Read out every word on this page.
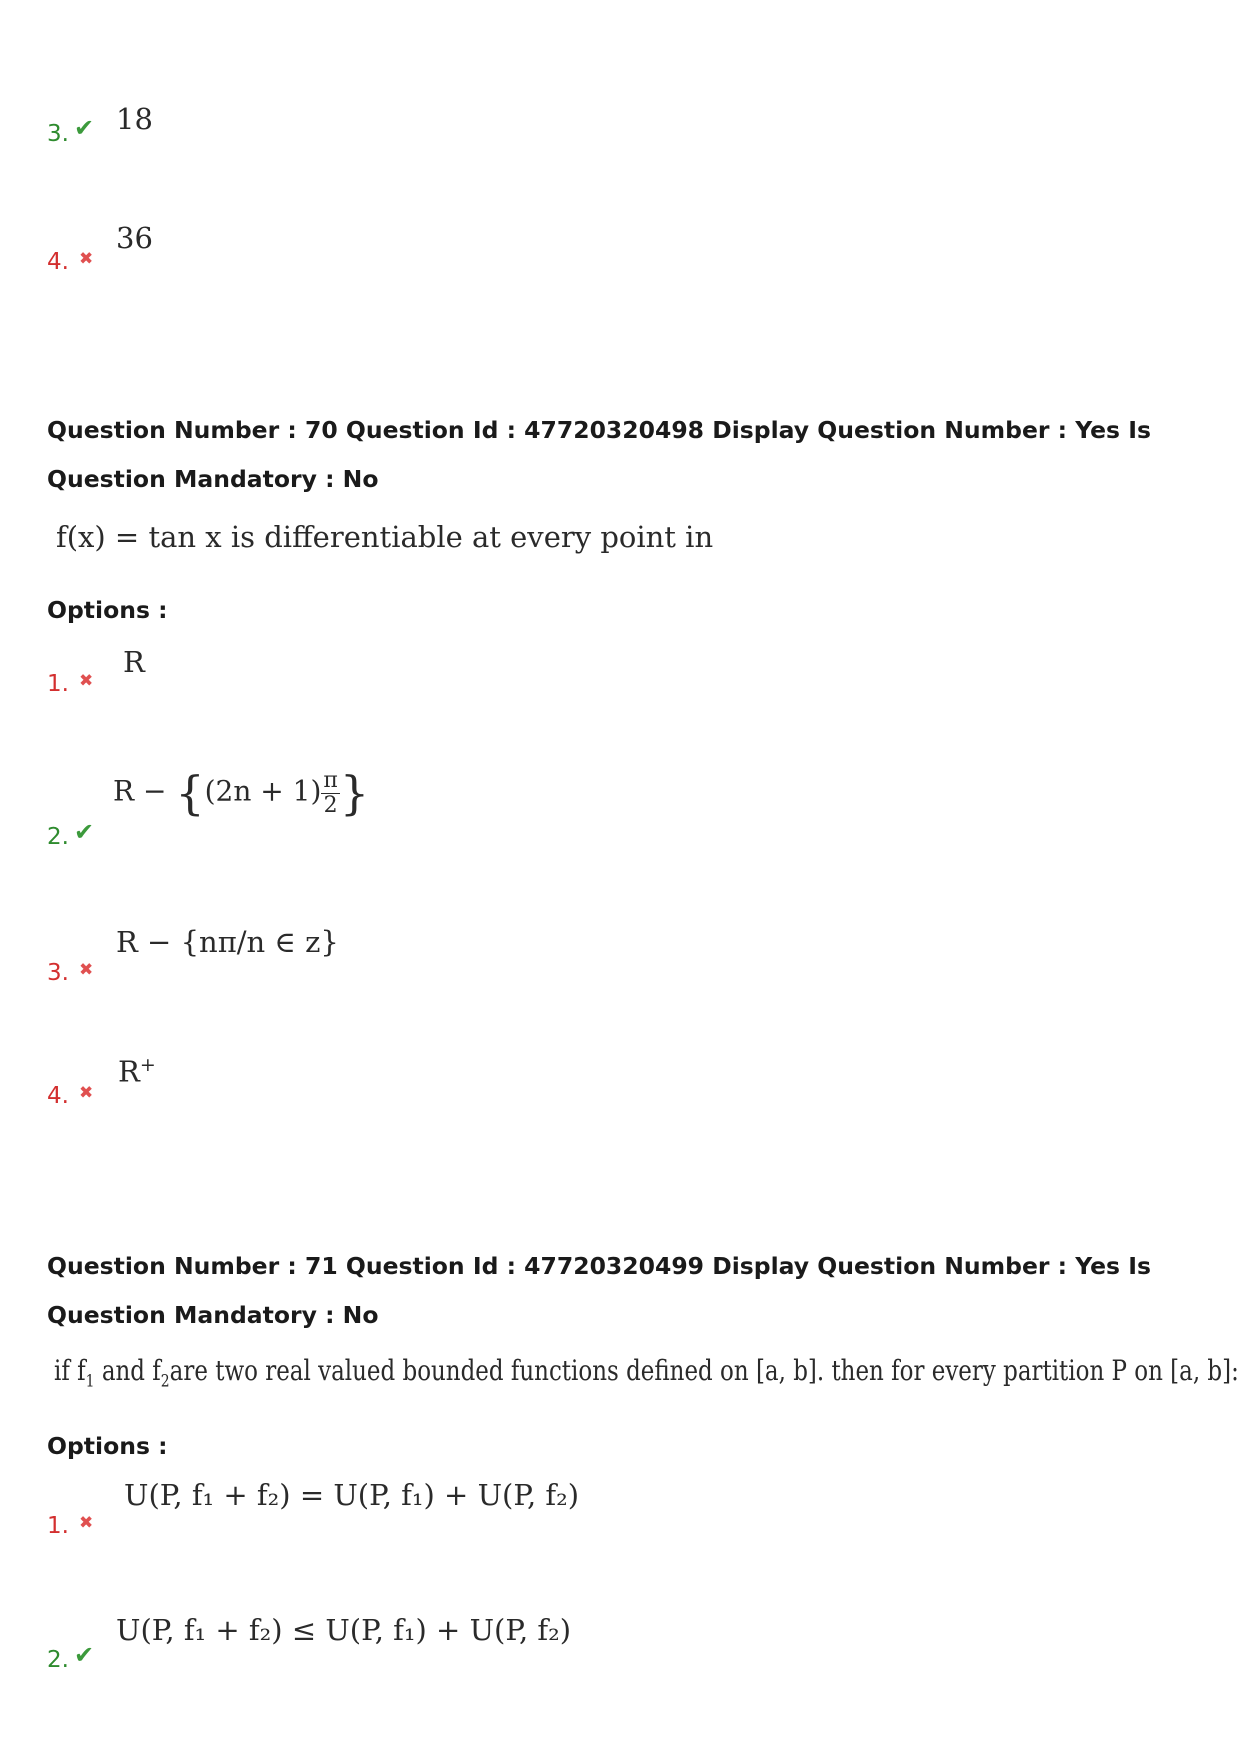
3. ✔ 18
4. ✖
36
Question Number : 70 Question Id : 47720320498 Display Question Number : Yes Is Question Mandatory : No
f(x) = tan x is differentiable at every point in
Options :
1. ✖
R
2. ✔
$R - \{(2n + 1) \frac{\pi}{2}$ }
3. ✖
R − {nπ/n ∈ z}
4. ✖
R+
Question Number : 71 Question Id : 47720320499 Display Question Number : Yes Is Question Mandatory : No
if $f_1$ and $f_2are$ two real valued bounded functions defined on [a, b]. then for every partition P on [a, b]:
Options :
1. ✖
U(P, f₁ + f₂) = U(P, f₁) + U(P, f₂)
2. ✔
U(P, f₁ + f₂) ≤ U(P, f₁) + U(P, f₂)
